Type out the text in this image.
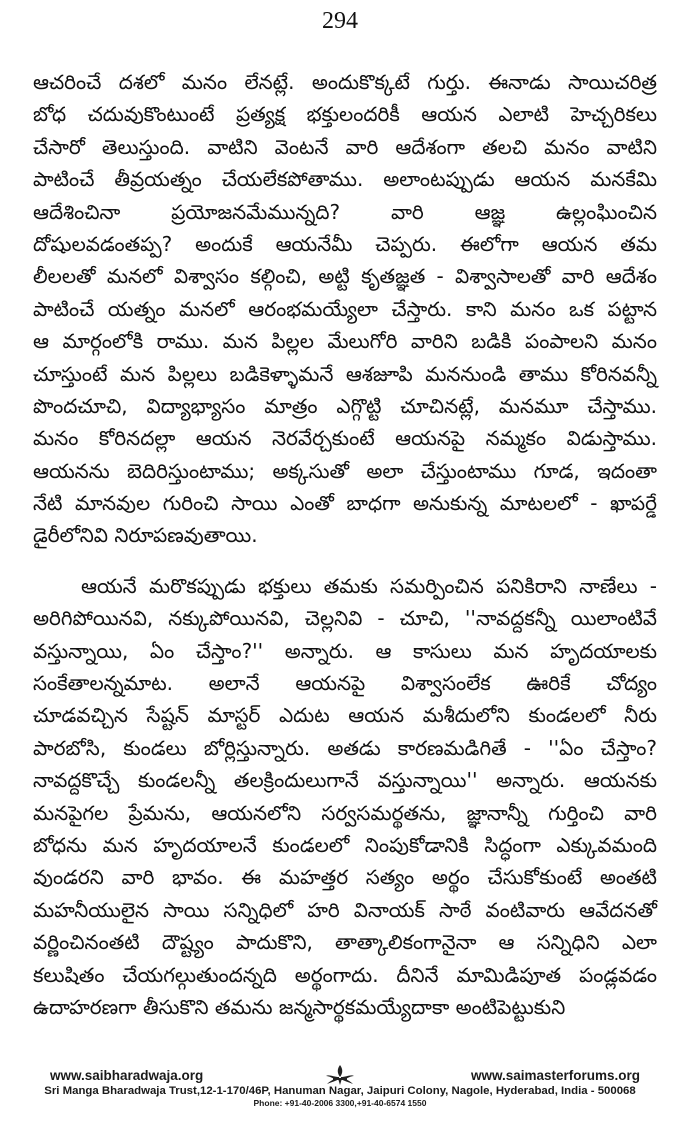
294
ఆచరించే దశలో మనం లేనట్లే. అందుకొక్కటే గుర్తు. ఈనాడు సాయిచరిత్ర
బోధ చదువుకొంటుంటే ప్రత్యక్ష భక్తులందరికీ ఆయన ఎలాటి హెచ్చరికలు
చేసారో తెలుస్తుంది. వాటిని వెంటనే వారి ఆదేశంగా తలచి మనం వాటిని
పాటించే తీవ్రయత్నం చేయలేకపోతాము. అలాంటప్పుడు ఆయన మనకేమి
ఆదేశించినా ప్రయోజనమేమున్నది? వారి ఆజ్ఞ ఉల్లంఘించిన
దోషులవడంతప్ప? అందుకే ఆయనేమీ చెప్పరు. ఈలోగా ఆయన తమ
లీలలతో మనలో విశ్వాసం కల్గించి, అట్టి కృతజ్ఞత - విశ్వాసాలతో వారి ఆదేశం
పాటించే యత్నం మనలో ఆరంభమయ్యేలా చేస్తారు. కాని మనం ఒక పట్టాన
ఆ మార్గంలోకి రాము. మన పిల్లల మేలుగోరి వారిని బడికి పంపాలని మనం
చూస్తుంటే మన పిల్లలు బడికెళ్ళామనే ఆశజూపి మననుండి తాము కోరినవన్నీ
పొందచూచి, విద్యాభ్యాసం మాత్రం ఎగ్గొట్టి చూచినట్లే, మనమూ చేస్తాము.
మనం కోరినదల్లా ఆయన నెరవేర్చకుంటే ఆయనపై నమ్మకం విడుస్తాము.
ఆయనను బెదిరిస్తుంటాము; అక్కసుతో అలా చేస్తుంటాము గూడ, ఇదంతా
నేటి మానవుల గురించి సాయి ఎంతో బాధగా అనుకున్న మాటలలో - ఖాపర్డే
డైరీలోనివి నిరూపణవుతాయి.
ఆయనే మరొకప్పుడు భక్తులు తమకు సమర్పించిన పనికిరాని నాణేలు -
అరిగిపోయినవి, నక్కుపోయినవి, చెల్లనివి - చూచి, ''నావద్దకన్నీ యిలాంటివే
వస్తున్నాయి, ఏం చేస్తాం?'' అన్నారు. ఆ కాసులు మన హృదయాలకు
సంకేతాలన్నమాట. అలానే ఆయనపై విశ్వాసంలేక ఊరికే చోద్యం
చూడవచ్చిన సేష్టన్ మాస్టర్ ఎదుట ఆయన మశీదులోని కుండలలో నీరు
పారబోసి, కుండలు బోర్లిస్తున్నారు. అతడు కారణమడిగితే - ''ఏం చేస్తాం?
నావద్దకొచ్చే కుండలన్నీ తలక్రిందులుగానే వస్తున్నాయి'' అన్నారు. ఆయనకు
మనపైగల ప్రేమను, ఆయనలోని సర్వసమర్థతను, జ్ఞానాన్నీ గుర్తించి వారి
బోధను మన హృదయాలనే కుండలలో నింపుకోడానికి సిద్ధంగా ఎక్కువమంది
వుండరని వారి భావం. ఈ మహత్తర సత్యం అర్థం చేసుకోకుంటే అంతటి
మహనీయులైన సాయి సన్నిధిలో హరి వినాయక్ సాఠే వంటివారు ఆవేదనతో
వర్ణించినంతటి దౌష్ట్యం పాదుకొని, తాత్కాలికంగానైనా ఆ సన్నిధిని ఎలా
కలుషితం చేయగల్గుతుందన్నది అర్థంగాదు. దీనినే మామిడిపూత పండ్లవడం
ఉదాహరణగా తీసుకొని తమను జన్మసార్థకమయ్యేదాకా అంటిపెట్టుకుని
www.saibharadwaja.org	www.saimasterforums.org
Sri Manga Bharadwaja Trust,12-1-170/46P, Hanuman Nagar, Jaipuri Colony, Nagole, Hyderabad, India - 500068
Phone: +91-40-2006 3300,+91-40-6574 1550
